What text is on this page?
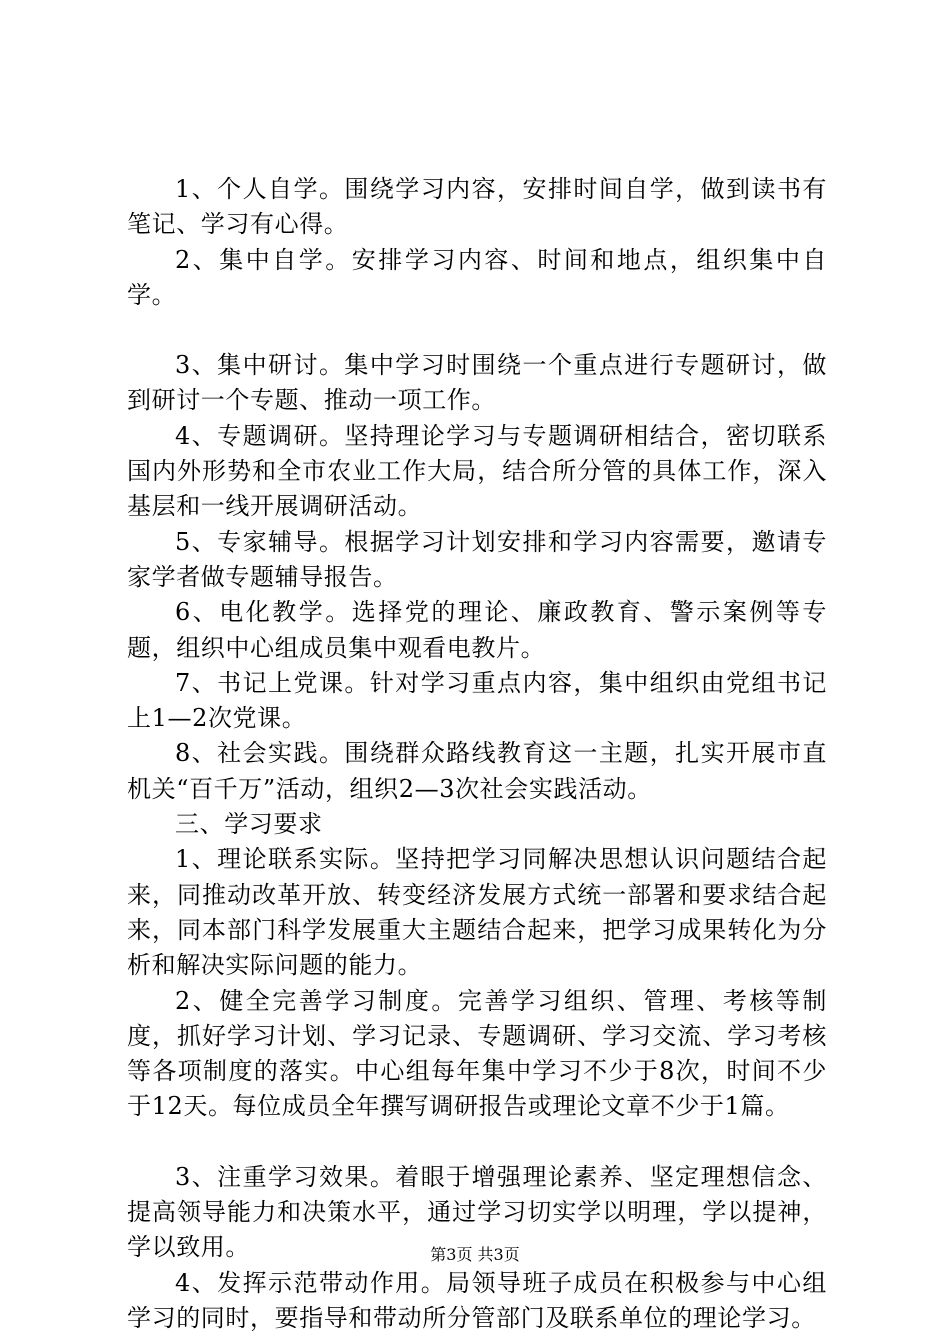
1、个人自学。围绕学习内容，安排时间自学，做到读书有笔记、学习有心得。

2、集中自学。安排学习内容、时间和地点，组织集中自学。

3、集中研讨。集中学习时围绕一个重点进行专题研讨，做到研讨一个专题、推动一项工作。

4、专题调研。坚持理论学习与专题调研相结合，密切联系国内外形势和全市农业工作大局，结合所分管的具体工作，深入基层和一线开展调研活动。

5、专家辅导。根据学习计划安排和学习内容需要，邀请专家学者做专题辅导报告。

6、电化教学。选择党的理论、廉政教育、警示案例等专题，组织中心组成员集中观看电教片。

7、书记上党课。针对学习重点内容，集中组织由党组书记上1—2次党课。

8、社会实践。围绕群众路线教育这一主题，扎实开展市直机关“百千万”活动，组织2—3次社会实践活动。

三、学习要求

1、理论联系实际。坚持把学习同解决思想认识问题结合起来，同推动改革开放、转变经济发展方式统一部署和要求结合起来，同本部门科学发展重大主题结合起来，把学习成果转化为分析和解决实际问题的能力。

2、健全完善学习制度。完善学习组织、管理、考核等制度，抓好学习计划、学习记录、专题调研、学习交流、学习考核等各项制度的落实。中心组每年集中学习不少于8次，时间不少于12天。每位成员全年撰写调研报告或理论文章不少于1篇。

3、注重学习效果。着眼于增强理论素养、坚定理想信念、提高领导能力和决策水平，通过学习切实学以明理，学以提神，学以致用。

4、发挥示范带动作用。局领导班子成员在积极参与中心组学习的同时，要指导和带动所分管部门及联系单位的理论学习。

第3页 共3页
